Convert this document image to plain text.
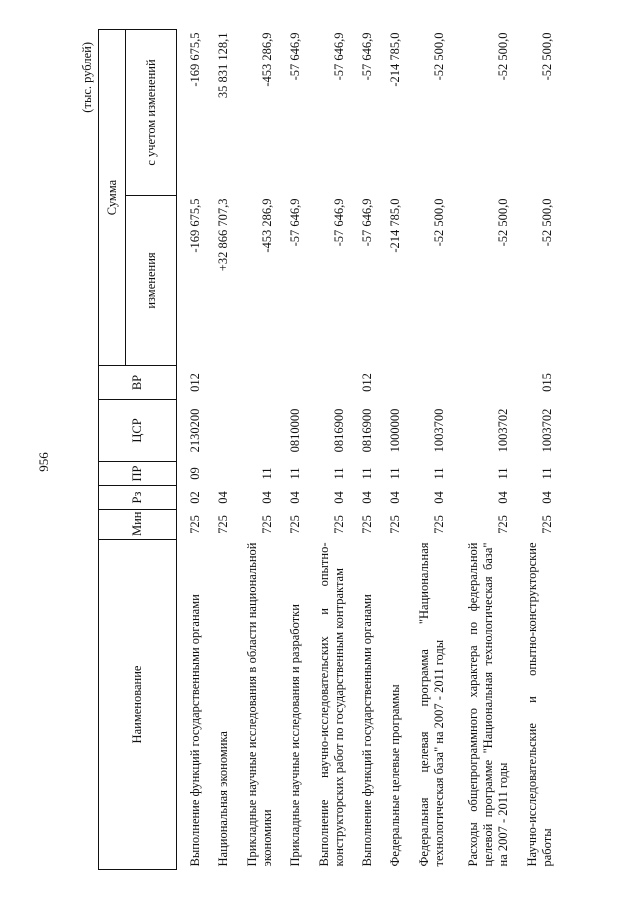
956
(тыс. рублей)
Наименование	Мин	Рз	ПР	ЦСР	ВР	Сумма	
						изменения	с учетом изменений
Выполнение функций государственными органами	725	02	09	2130200	012	-169 675,5	-169 675,5
Национальная экономика	725	04				+32 866 707,3	35 831 128,1
Прикладные научные исследования в области национальной экономики	725	04	11			-453 286,9	-453 286,9
Прикладные научные исследования и разработки	725	04	11	0810000		-57 646,9	-57 646,9
Выполнение научно-исследовательских и опытно-конструкторских работ по государственным контрактам	725	04	11	0816900		-57 646,9	-57 646,9
Выполнение функций государственными органами	725	04	11	0816900	012	-57 646,9	-57 646,9
Федеральные целевые программы	725	04	11	1000000		-214 785,0	-214 785,0
Федеральная целевая программа "Национальная технологическая база" на 2007 - 2011 годы	725	04	11	1003700		-52 500,0	-52 500,0
Расходы общепрограммного характера по федеральной целевой программе "Национальная технологическая база" на 2007 - 2011 годы	725	04	11	1003702		-52 500,0	-52 500,0
Научно-исследовательские и опытно-конструкторские работы	725	04	11	1003702	015	-52 500,0	-52 500,0
